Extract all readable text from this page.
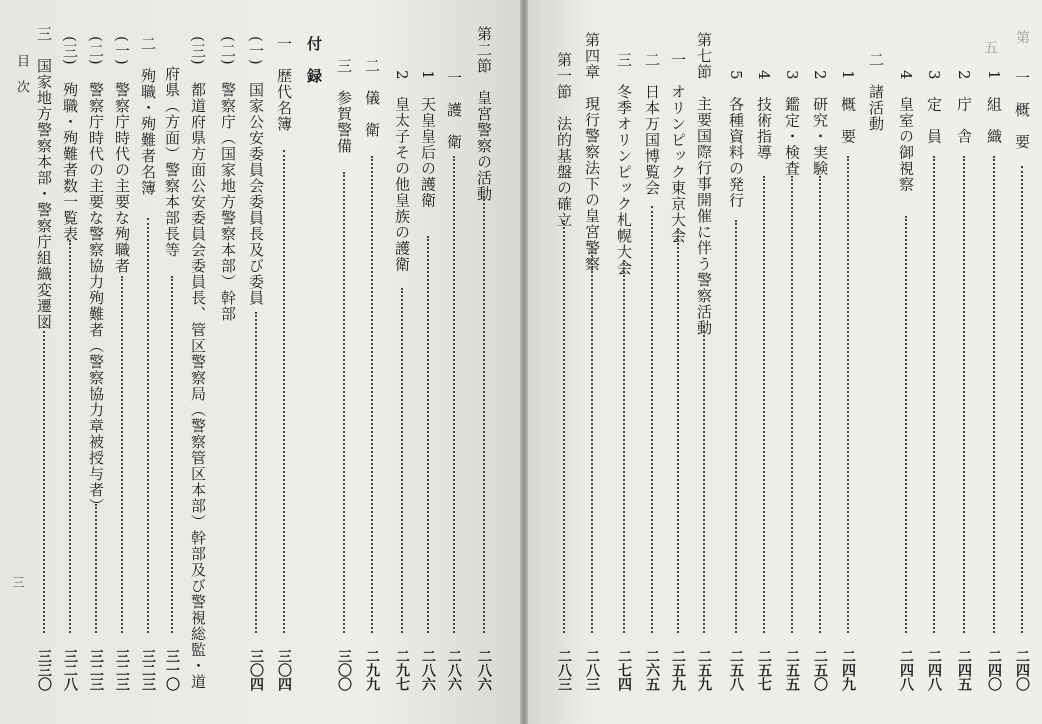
目　次
三
第二節　皇宮警察の活動
二八六
一　護　衛
二八六
1　天皇皇后の護衛
二八六
2　皇太子その他皇族の護衛
二九七
二　儀　衛
二九九
三　参賀警備
三〇〇
付　録
一　歴代名簿
三〇四
(一)　国家公安委員会委員長及び委員
三〇四
(二)　警察庁（国家地方警察本部）幹部
(三)　都道府県方面公安委員会委員長、管区警察局（警察管区本部）幹部及び警視総監・道
府県（方面）警察本部長等
三一〇
二　殉職・殉難者名簿
三二三
(一)　警察庁時代の主要な殉職者
三二三
(二)　警察庁時代の主要な警察協力殉難者（警察協力章被授与者）
三二三
(三)　殉職・殉難者数一覧表
三二八
三　国家地方警察本部・警察庁組織変遷図
三三〇
第
五
一　概　要
二四〇
1　組　織
二四〇
2　庁　舎
二四五
3　定　員
二四八
4　皇室の御視察
二四八
二　諸活動
1　概　要
二四九
2　研究・実験
二五〇
3　鑑定・検査
二五五
4　技術指導
二五七
5　各種資料の発行
二五八
第七節　主要国際行事開催に伴う警察活動
二五九
一　オリンピック東京大会
二五九
二　日本万国博覧会
二六五
三　冬季オリンピック札幌大会
二七四
第四章　現行警察法下の皇宮警察
二八三
第一節　法的基盤の確立
二八三
